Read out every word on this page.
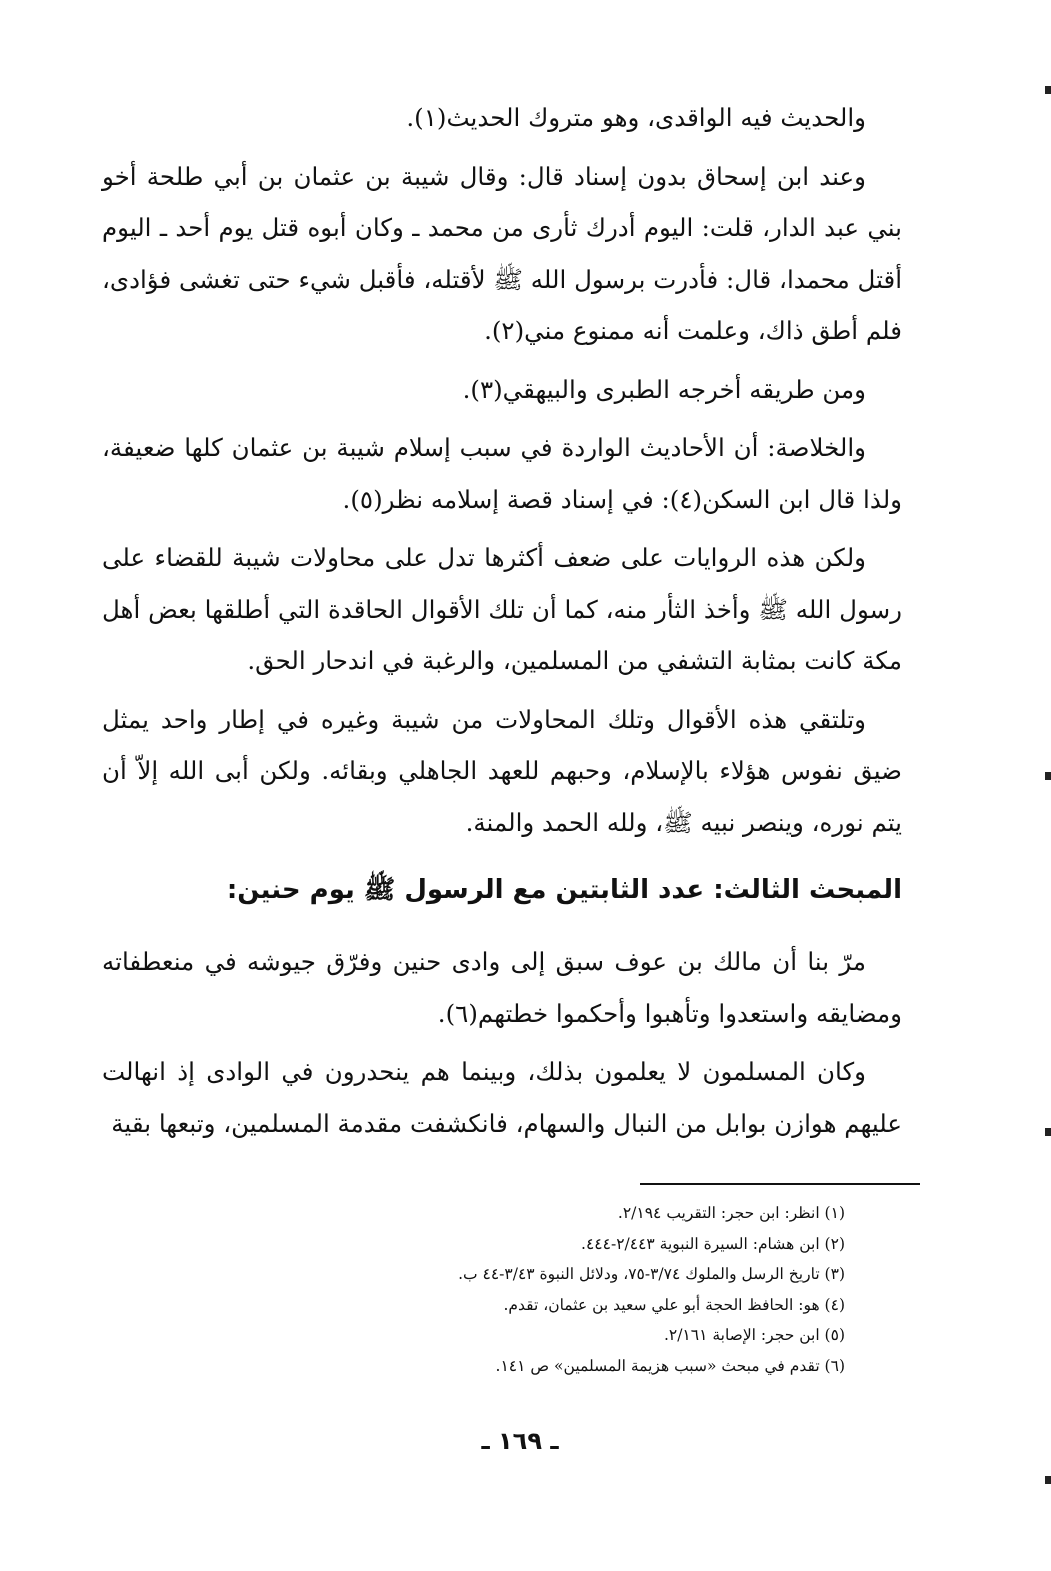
والحديث فيه الواقدى، وهو متروك الحديث(١).

وعند ابن إسحاق بدون إسناد قال: وقال شيبة بن عثمان بن أبي طلحة أخو بني عبد الدار، قلت: اليوم أدرك ثأرى من محمد ـ وكان أبوه قتل يوم أحد ـ اليوم أقتل محمدا، قال: فأدرت برسول الله ﷺ لأقتله، فأقبل شيء حتى تغشى فؤادى، فلم أطق ذاك، وعلمت أنه ممنوع مني(٢).

ومن طريقه أخرجه الطبرى والبيهقي(٣).

والخلاصة: أن الأحاديث الواردة في سبب إسلام شيبة بن عثمان كلها ضعيفة، ولذا قال ابن السكن(٤): في إسناد قصة إسلامه نظر(٥).

ولكن هذه الروايات على ضعف أكثرها تدل على محاولات شيبة للقضاء على رسول الله ﷺ وأخذ الثأر منه، كما أن تلك الأقوال الحاقدة التي أطلقها بعض أهل مكة كانت بمثابة التشفي من المسلمين، والرغبة في اندحار الحق.

وتلتقي هذه الأقوال وتلك المحاولات من شيبة وغيره في إطار واحد يمثل ضيق نفوس هؤلاء بالإسلام، وحبهم للعهد الجاهلي وبقائه. ولكن أبى الله إلاّ أن يتم نوره، وينصر نبيه ﷺ، ولله الحمد والمنة.

المبحث الثالث: عدد الثابتين مع الرسول ﷺ يوم حنين:

مرّ بنا أن مالك بن عوف سبق إلى وادى حنين وفرّق جيوشه في منعطفاته ومضايقه واستعدوا وتأهبوا وأحكموا خطتهم(٦).

وكان المسلمون لا يعلمون بذلك، وبينما هم ينحدرون في الوادى إذ انهالت عليهم هوازن بوابل من النبال والسهام، فانكشفت مقدمة المسلمين، وتبعها بقية

(١) انظر: ابن حجر: التقريب ٢/١٩٤.
(٢) ابن هشام: السيرة النبوية ٢/٤٤٣-٤٤٤.
(٣) تاريخ الرسل والملوك ٣/٧٤-٧٥، ودلائل النبوة ٣/٤٣-٤٤ ب.
(٤) هو: الحافظ الحجة أبو علي سعيد بن عثمان، تقدم.
(٥) ابن حجر: الإصابة ٢/١٦١.
(٦) تقدم في مبحث «سبب هزيمة المسلمين» ص ١٤١.
ـ ١٦٩ ـ
